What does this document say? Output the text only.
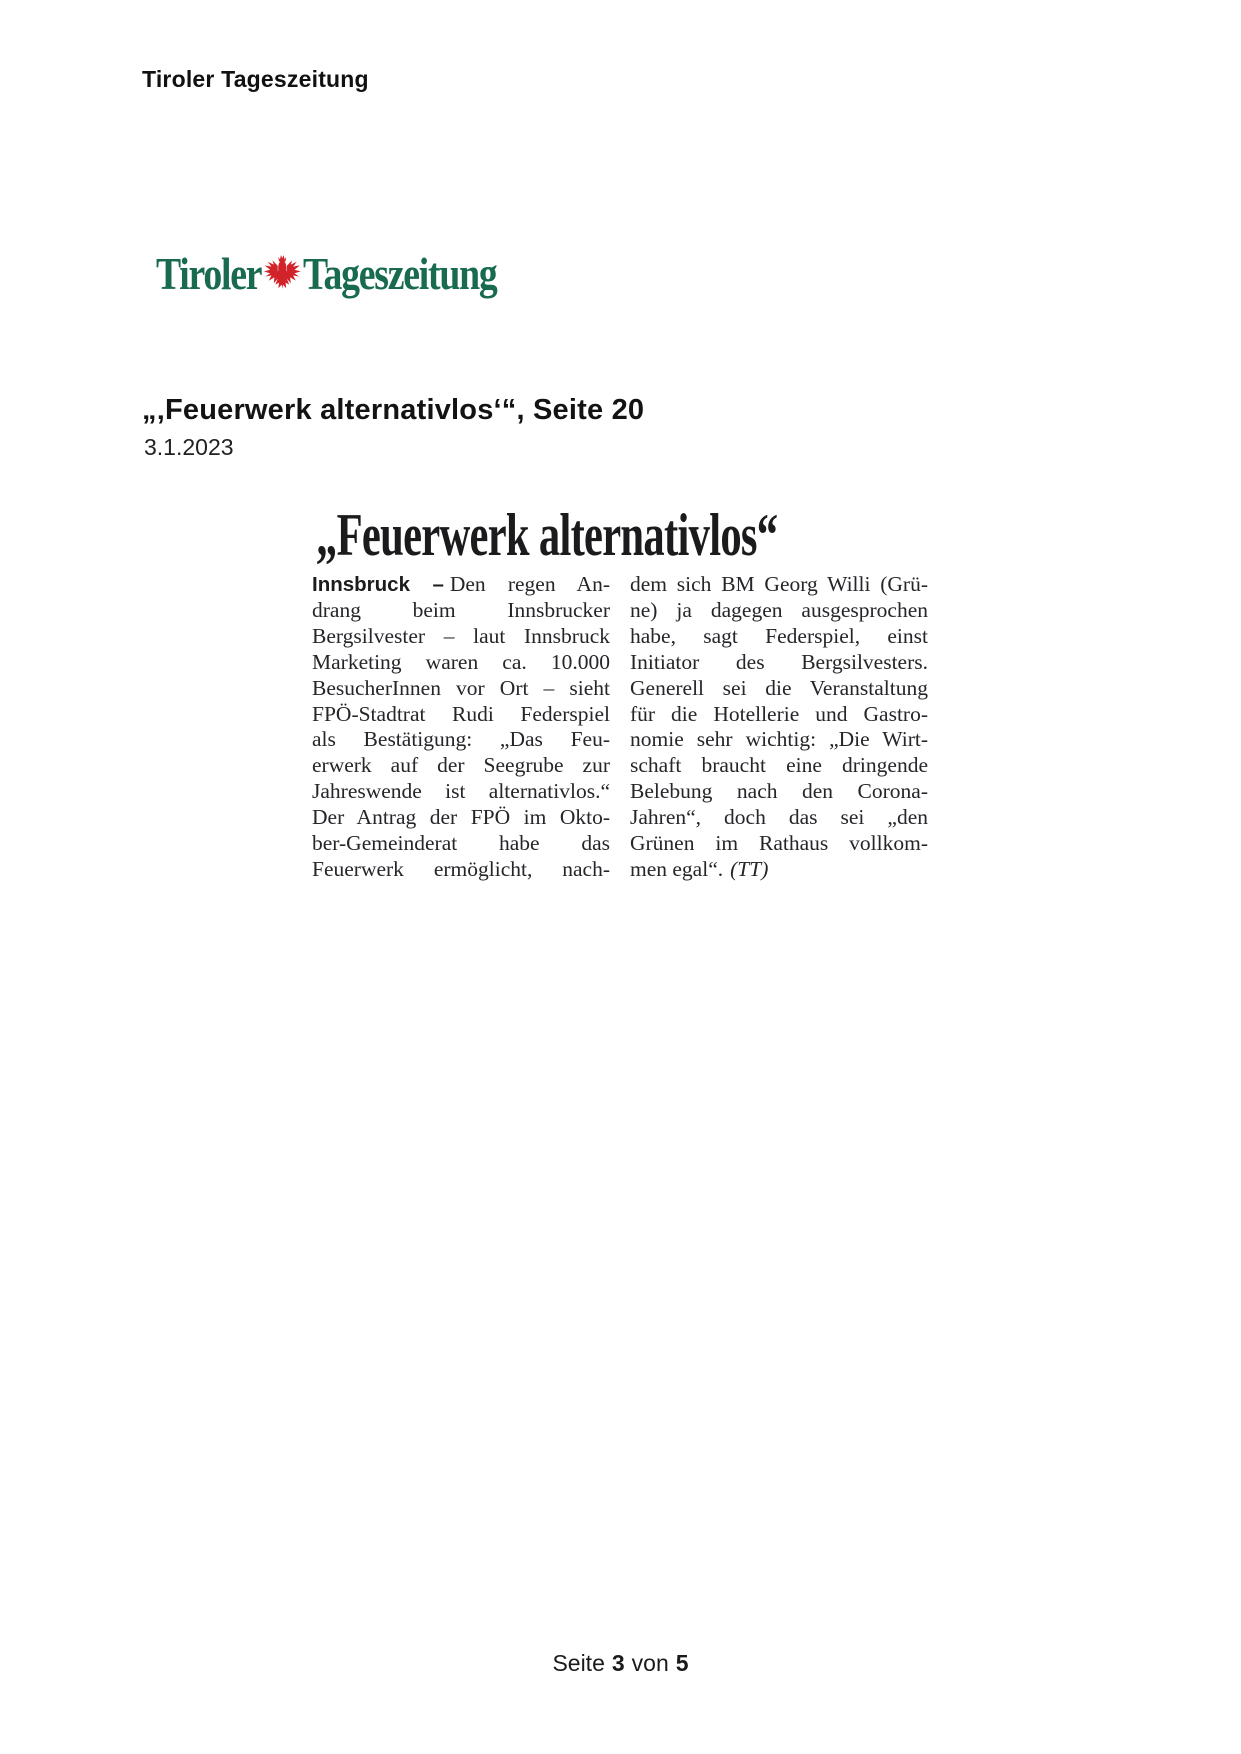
Tiroler Tageszeitung
Tiroler Tageszeitung
„‚Feuerwerk alternativlos‘“, Seite 20
3.1.2023
„Feuerwerk alternativlos“
Innsbruck – Den regen An-
drang beim Innsbrucker
Bergsilvester – laut Innsbruck
Marketing waren ca. 10.000
BesucherInnen vor Ort – sieht
FPÖ-Stadtrat Rudi Federspiel
als Bestätigung: „Das Feu-
erwerk auf der Seegrube zur
Jahreswende ist alternativlos.“
Der Antrag der FPÖ im Okto-
ber-Gemeinderat habe das
Feuerwerk ermöglicht, nach-
dem sich BM Georg Willi (Grü-
ne) ja dagegen ausgesprochen
habe, sagt Federspiel, einst
Initiator des Bergsilvesters.
Generell sei die Veranstaltung
für die Hotellerie und Gastro-
nomie sehr wichtig: „Die Wirt-
schaft braucht eine dringende
Belebung nach den Corona-
Jahren“, doch das sei „den
Grünen im Rathaus vollkom-
men egal“. (TT)
Seite 3 von 5
